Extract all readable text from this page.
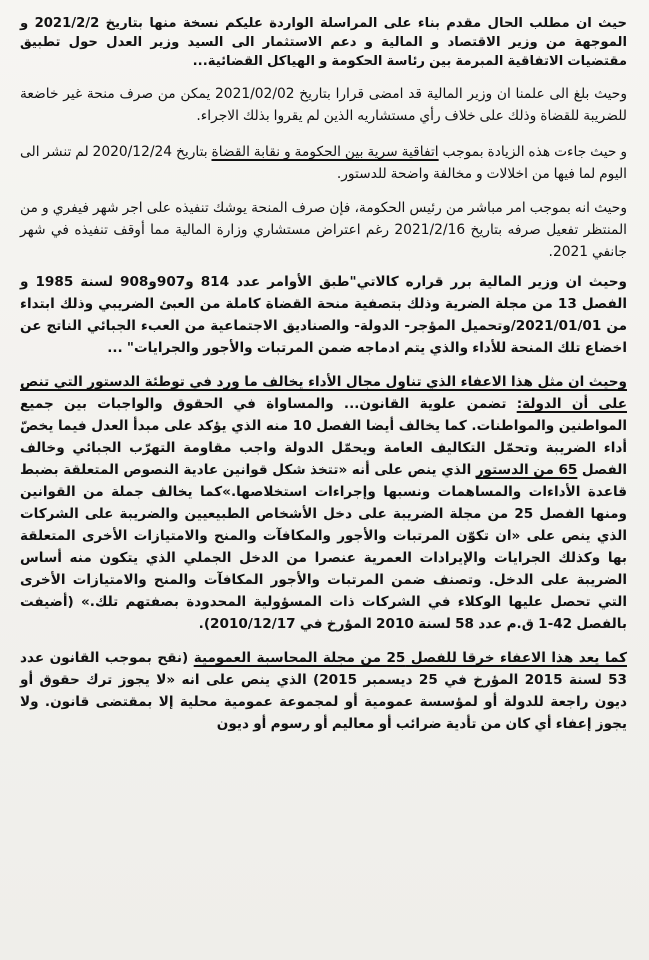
حيث ان مطلب الحال مقدم بناء على المراسلة الواردة عليكم نسخة منها بتاريخ 2021/2/2 و الموجهة من وزير الاقتصاد و المالية و دعم الاستثمار الى السيد وزير العدل حول تطبيق مقتضيات الاتفاقية المبرمة بين رئاسة الحكومة و الهياكل القضائية...

وحيث بلغ الى علمنا ان وزير المالية قد امضى قرارا بتاريخ 2021/02/02 يمكن من صرف منحة غير خاضعة للضريبة للقضاة وذلك على خلاف رأي مستشاريه الذين لم يقروا بذلك الاجراء.

و حيث جاءت هذه الزيادة بموجب اتفاقية سرية بين الحكومة و نقابة القضاة بتاريخ 2020/12/24 لم تنشر الى اليوم لما فيها من اخلالات و مخالفة واضحة للدستور.

وحيث انه بموجب امر مباشر من رئيس الحكومة، فإن صرف المنحة يوشك تنفيذه على اجر شهر فيفري و من المنتظر تفعيل صرفه بتاريخ 2021/2/16 رغم اعتراض مستشاري وزارة المالية مما أوقف تنفيذه في شهر جانفي 2021.

وحيث ان وزير المالية برر قراره كالاتي"طبق الأوامر عدد 814 و907و908 لسنة 1985 و الفصل 13 من مجلة الضرية وذلك بتصفية منحة القضاة كاملة من العبئ الضريبي وذلك ابتداء من 2021/01/01/وتحميل المؤجر- الدولة- والصناديق الاجتماعية من العبء الجبائي الناتج عن اخضاع تلك المنحة للأداء والذي يتم ادماجه ضمن المرتبات والأجور والجرايات" ...

وحيث ان مثل هذا الاعفاء الذي تناول مجال الأداء يخالف ما ورد في توطئة الدستور التي تنص على أن الدولة: تضمن علوية القانون... والمساواة في الحقوق والواجبات بين جميع المواطنين والمواطنات. كما يخالف أيضا الفصل 10 منه الذي يؤكد على مبدأ العدل فيما يخصّ أداء الضريبة وتحمّل التكاليف العامة ويحمّل الدولة واجب مقاومة التهرّب الجبائي وخالف الفصل 65 من الدستور الذي ينص على أنه «تتخذ شكل قوانين عادية النصوص المتعلقة بضبط قاعدة الأداءات والمساهمات ونسبها وإجراءات استخلاصها.»كما يخالف جملة من القوانين ومنها الفصل 25 من مجلة الضريبة على دخل الأشخاص الطبيعيين والضريبة على الشركات الذي ينص على «ان تكوّن المرتبات والأجور والمكافآت والمنح والامتيازات الأخرى المتعلقة بها وكذلك الجرايات والإيرادات العمرية عنصرا من الدخل الجملي الذي يتكون منه أساس الضريبة على الدخل. وتصنف ضمن المرتبات والأجور المكافآت والمنح والامتيازات الأخرى التي تحصل عليها الوكلاء في الشركات ذات المسؤولية المحدودة بصفتهم تلك.» (أضيفت بالفصل 42-1 ق.م عدد 58 لسنة 2010 المؤرخ في 2010/12/17).

كما يعد هذا الاعفاء خرقا للفصل 25 من مجلة المحاسبة العمومية (نقح بموجب القانون عدد 53 لسنة 2015 المؤرخ في 25 ديسمبر 2015) الذي ينص على انه «لا يجوز ترك حقوق أو ديون راجعة للدولة أو لمؤسسة عمومية أو لمجموعة عمومية محلية إلا بمقتضى قانون. ولا يجوز إعفاء أي كان من تأدية ضرائب أو معاليم أو رسوم أو ديون
